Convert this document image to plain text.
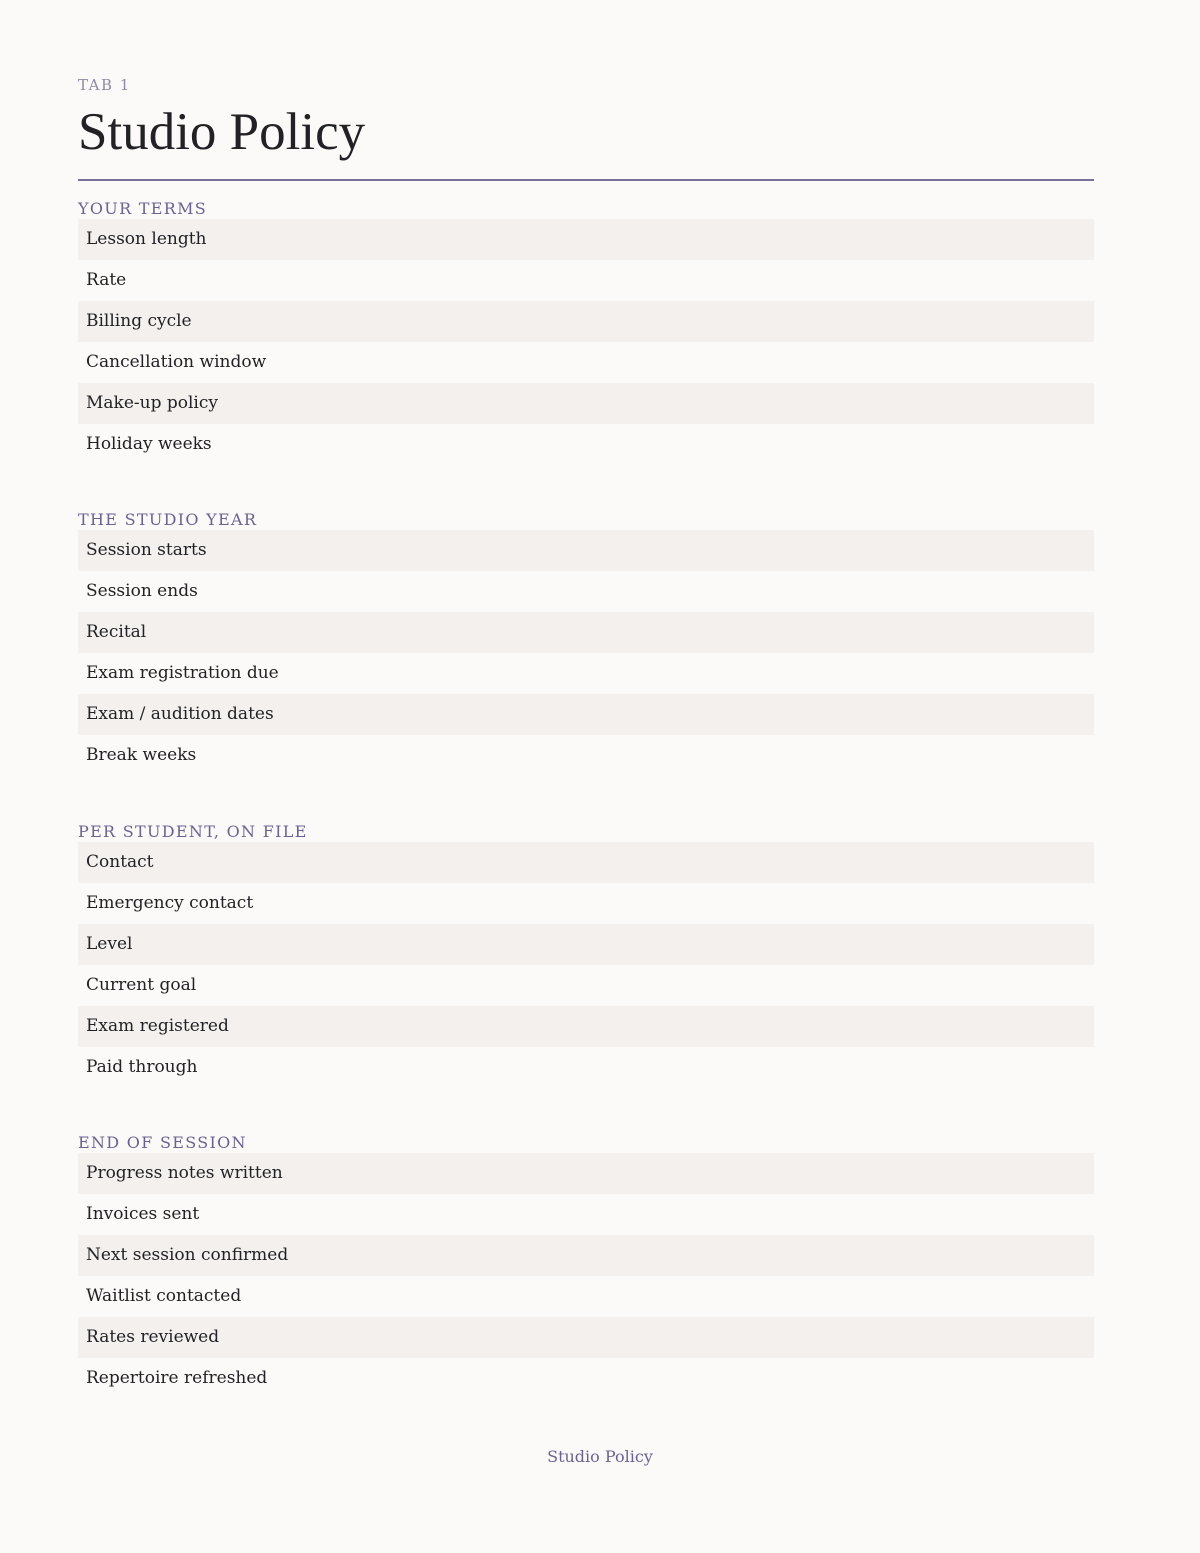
TAB 1
Studio Policy
YOUR TERMS
Lesson length
Rate
Billing cycle
Cancellation window
Make-up policy
Holiday weeks
THE STUDIO YEAR
Session starts
Session ends
Recital
Exam registration due
Exam / audition dates
Break weeks
PER STUDENT, ON FILE
Contact
Emergency contact
Level
Current goal
Exam registered
Paid through
END OF SESSION
Progress notes written
Invoices sent
Next session confirmed
Waitlist contacted
Rates reviewed
Repertoire refreshed
Studio Policy
